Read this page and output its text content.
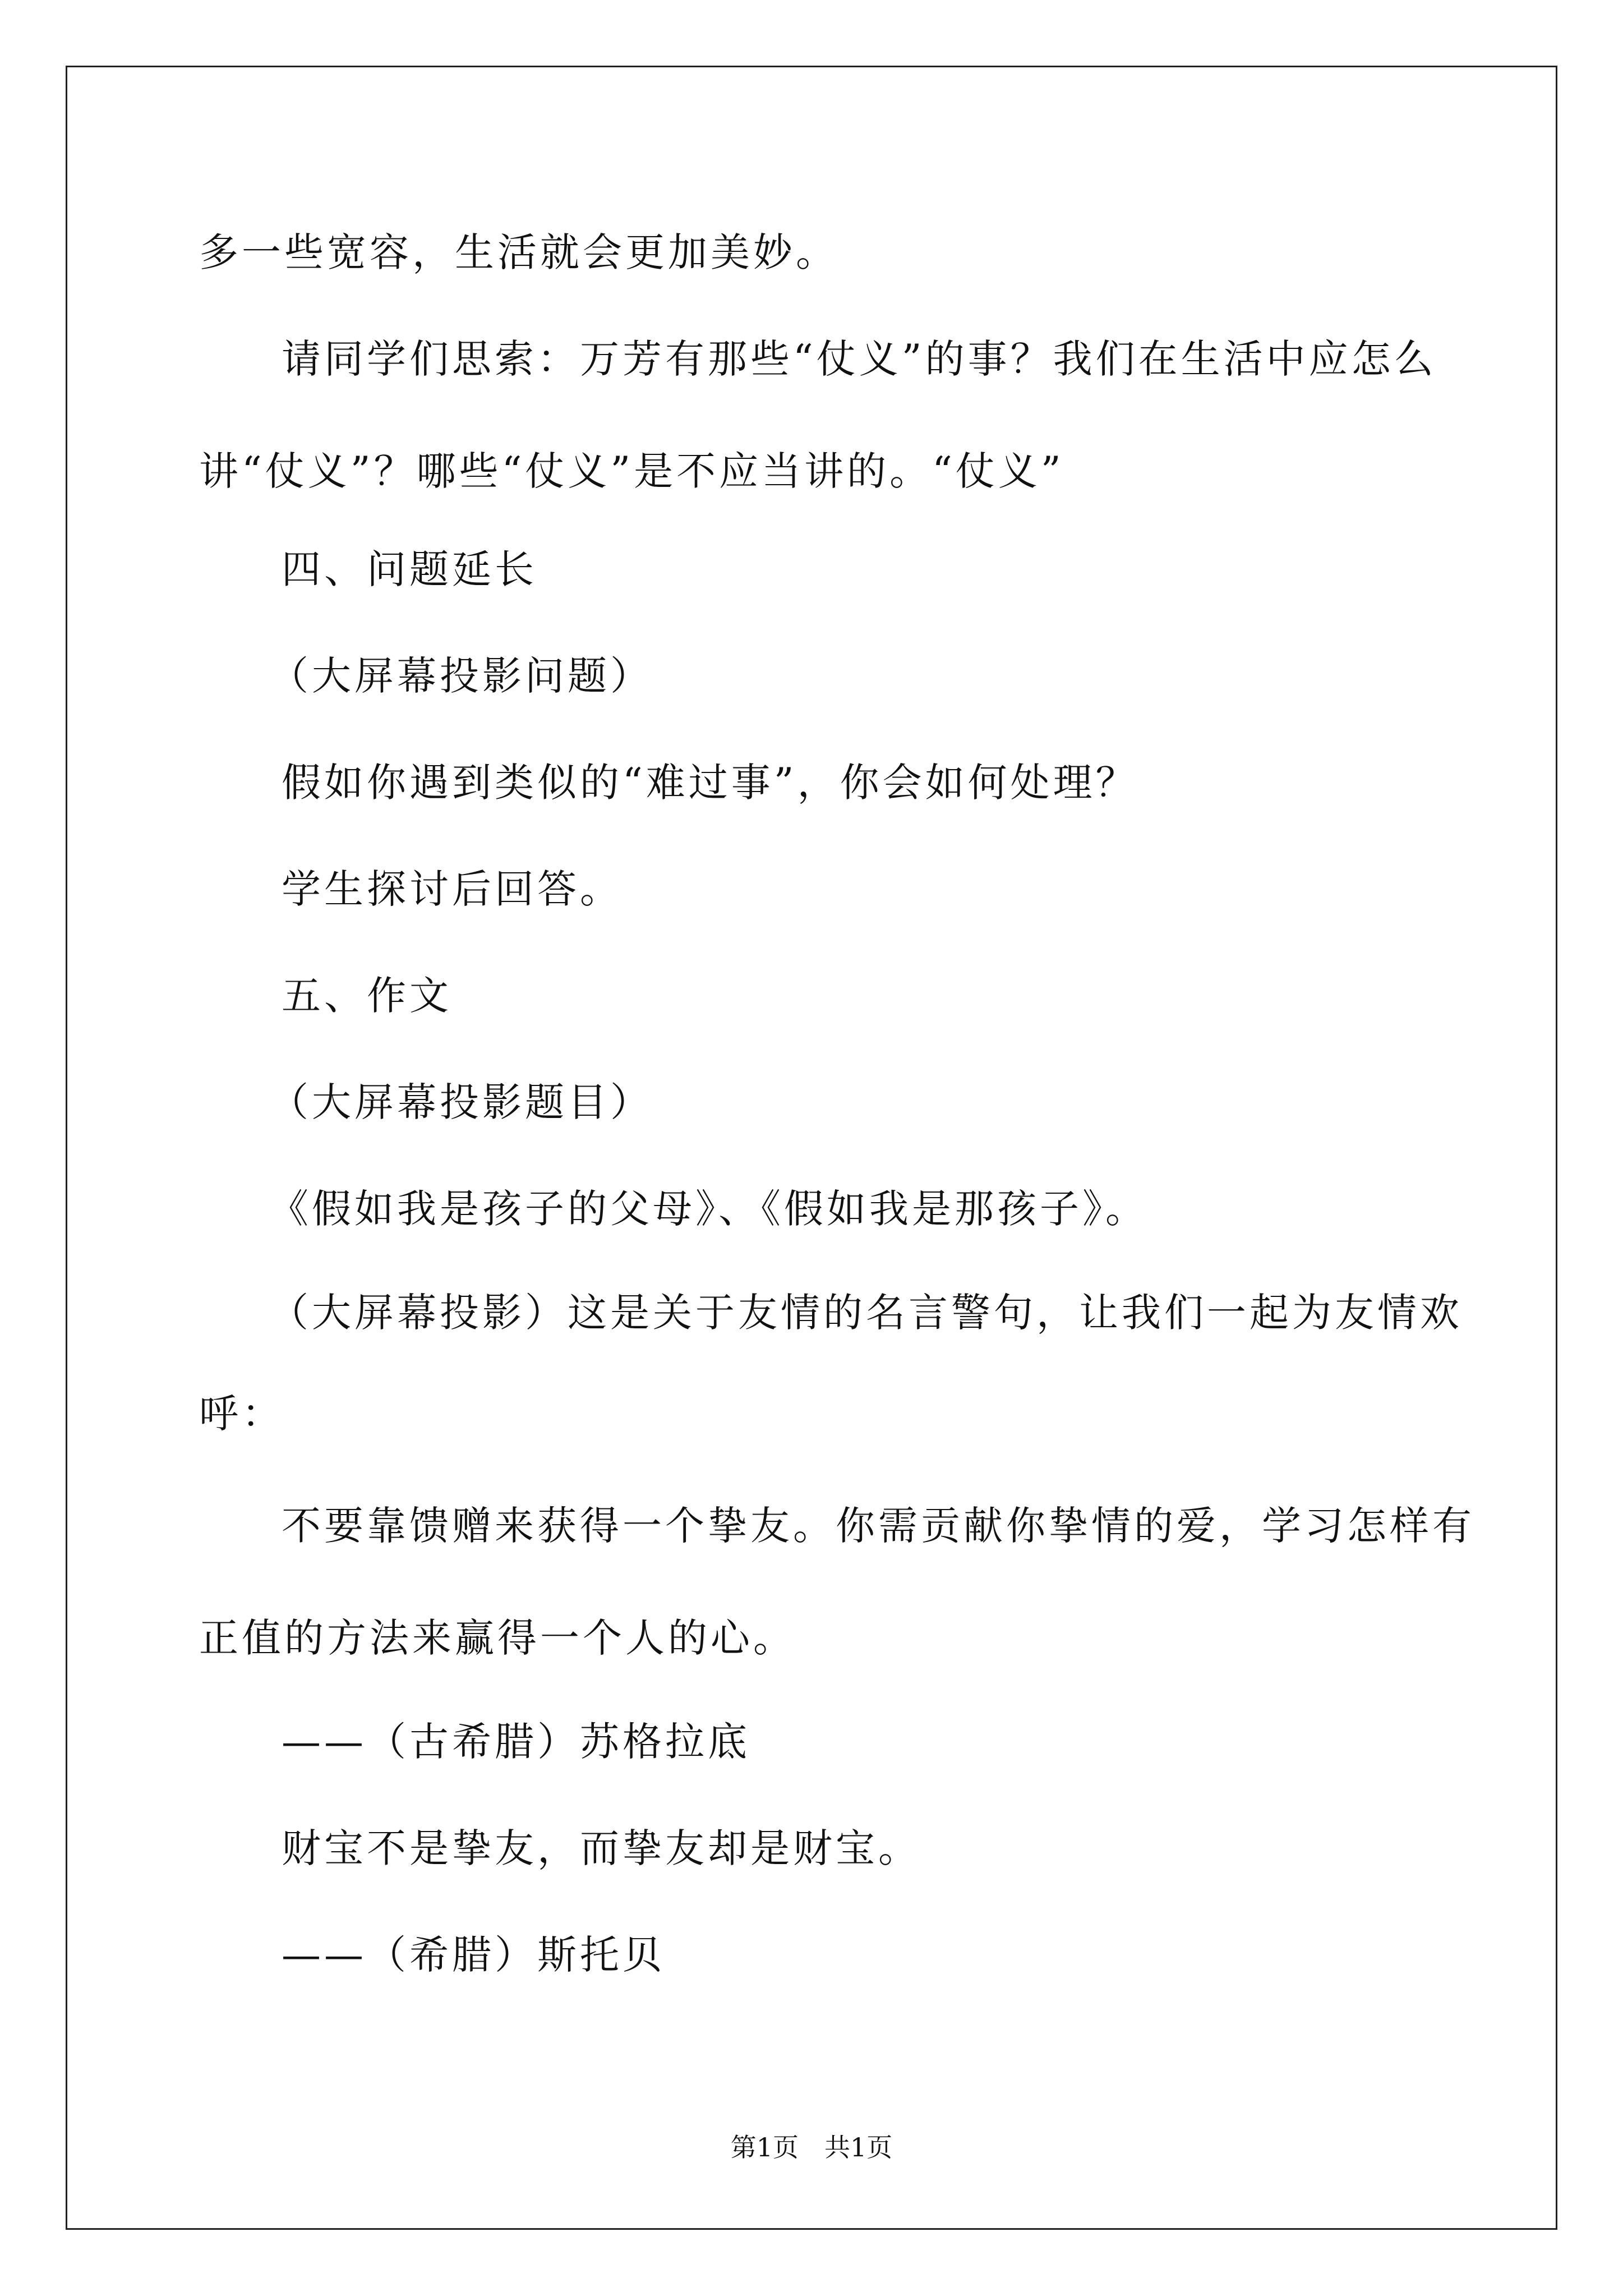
多一些宽容，生活就会更加美妙。
请同学们思索：万芳有那些“仗义”的事？我们在生活中应怎么
讲“仗义”？哪些“仗义”是不应当讲的。“仗义”
四、问题延长
（大屏幕投影问题）
假如你遇到类似的“难过事”，你会如何处理？
学生探讨后回答。
五、作文
（大屏幕投影题目）
《假如我是孩子的父母》、《假如我是那孩子》。
（大屏幕投影）这是关于友情的名言警句，让我们一起为友情欢
呼：
不要靠馈赠来获得一个挚友。你需贡献你挚情的爱，学习怎样有
正值的方法来赢得一个人的心。
——（古希腊）苏格拉底
财宝不是挚友，而挚友却是财宝。
——（希腊）斯托贝
第1页　共1页
